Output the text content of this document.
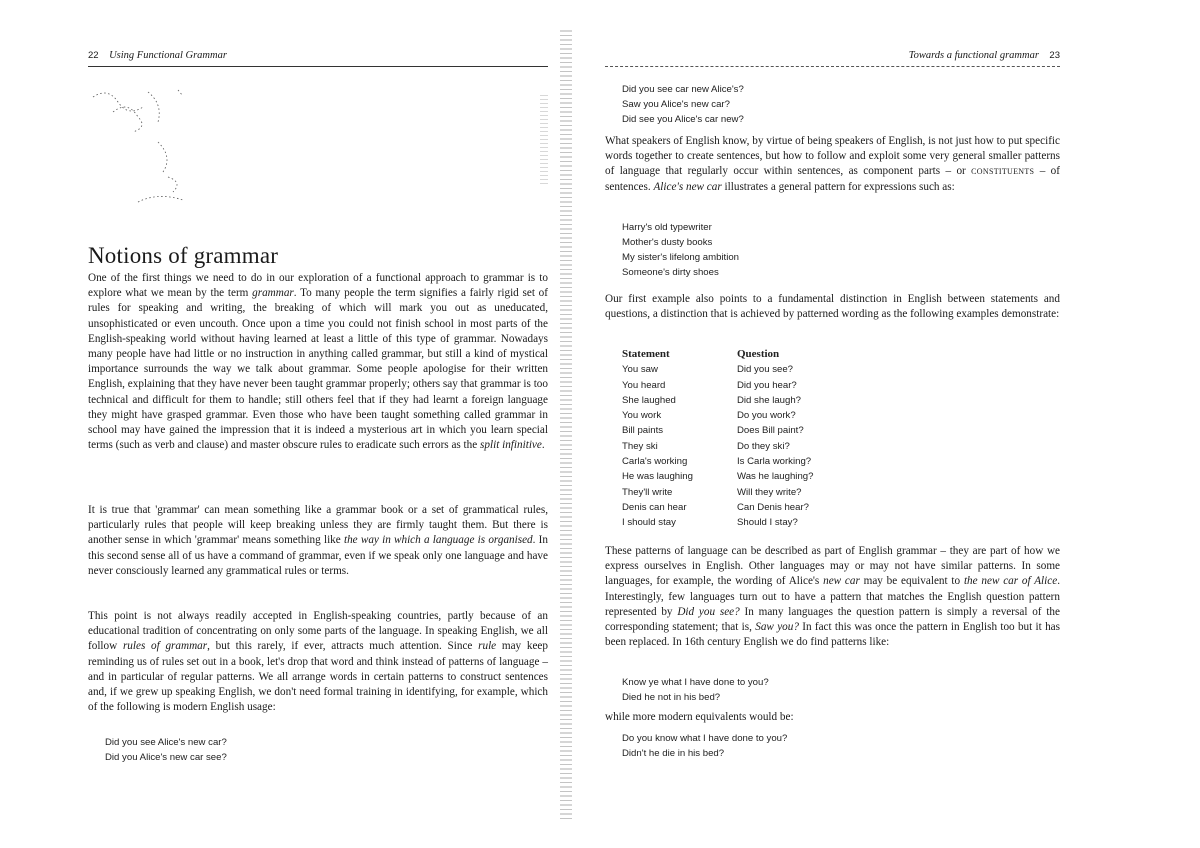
22 Using Functional Grammar
Notions of grammar

One of the first things we need to do in our exploration of a functional approach to grammar is to explore what we mean by the term grammar. To many people the term signifies a fairly rigid set of rules for speaking and writing, the breaking of which will mark you out as uneducated, unsophisticated or even uncouth. Once upon a time you could not finish school in most parts of the English-speaking world without having learned at least a little of this type of grammar. Nowadays many people have had little or no instruction in anything called grammar, but still a kind of mystical importance surrounds the way we talk about grammar. Some people apologise for their written English, explaining that they have never been taught grammar properly; others say that grammar is too technical and difficult for them to handle; still others feel that if they had learnt a foreign language they might have grasped grammar. Even those who have been taught something called grammar in school may have gained the impression that it is indeed a mysterious art in which you learn special terms (such as verb and clause) and master obscure rules to eradicate such errors as the split infinitive.

It is true that 'grammar' can mean something like a grammar book or a set of grammatical rules, particularly rules that people will keep breaking unless they are firmly taught them. But there is another sense in which 'grammar' means something like the way in which a language is organised. In this second sense all of us have a command of grammar, even if we speak only one language and have never consciously learned any grammatical rules or terms.

This point is not always readily accepted in English-speaking countries, partly because of an educational tradition of concentrating on only some parts of the language. In speaking English, we all follow rules of grammar, but this rarely, if ever, attracts much attention. Since rule may keep reminding us of rules set out in a book, let's drop that word and think instead of patterns of language – and in particular of regular patterns. We all arrange words in certain patterns to construct sentences and, if we grew up speaking English, we don't need formal training in identifying, for example, which of the following is modern English usage:

Did you see Alice's new car?
Did you Alice's new car see?
Towards a functional grammar 23
Did you see car new Alice's?
Saw you Alice's new car?
Did see you Alice's car new?

What speakers of English know, by virtue of being speakers of English, is not just how to put specific words together to create sentences, but how to follow and exploit some very general smaller patterns of language that regularly occur within sentences, as component parts – or constituents – of sentences. Alice's new car illustrates a general pattern for expressions such as:

Harry's old typewriter
Mother's dusty books
My sister's lifelong ambition
Someone's dirty shoes

Our first example also points to a fundamental distinction in English between statements and questions, a distinction that is achieved by patterned wording as the following examples demonstrate:

Statement	Question
You saw	Did you see?
You heard	Did you hear?
She laughed	Did she laugh?
You work	Do you work?
Bill paints	Does Bill paint?
They ski	Do they ski?
Carla's working	Is Carla working?
He was laughing	Was he laughing?
They'll write	Will they write?
Denis can hear	Can Denis hear?
I should stay	Should I stay?

These patterns of language can be described as part of English grammar – they are part of how we express ourselves in English. Other languages may or may not have similar patterns. In some languages, for example, the wording of Alice's new car may be equivalent to the new car of Alice. Interestingly, few languages turn out to have a pattern that matches the English question pattern represented by Did you see? In many languages the question pattern is simply a reversal of the corresponding statement; that is, Saw you? In fact this was once the pattern in English too but it has been replaced. In 16th century English we do find patterns like:

Know ye what I have done to you?
Died he not in his bed?

while more modern equivalents would be:

Do you know what I have done to you?
Didn't he die in his bed?
